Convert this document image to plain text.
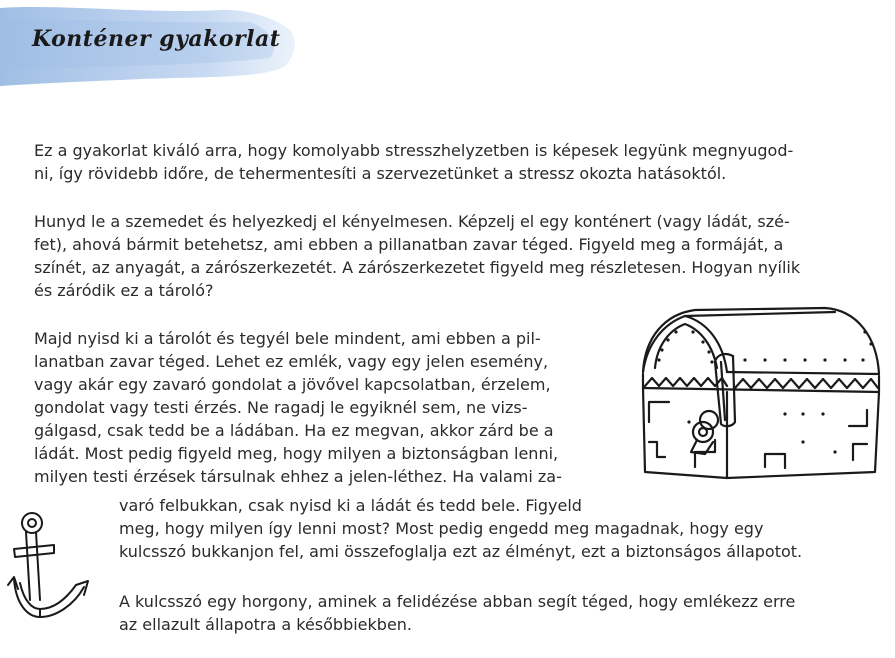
Konténer gyakorlat
Ez a gyakorlat kiváló arra, hogy komolyabb stresszhelyzetben is képesek legyünk megnyugod-
ni, így rövidebb időre, de tehermentesíti a szervezetünket a stressz okozta hatásoktól.
Hunyd le a szemedet és helyezkedj el kényelmesen. Képzelj el egy konténert (vagy ládát, szé-
fet), ahová bármit betehetsz, ami ebben a pillanatban zavar téged. Figyeld meg a formáját, a
színét, az anyagát, a zárószerkezetét. A zárószerkezetet figyeld meg részletesen. Hogyan nyílik
és záródik ez a tároló?
Majd nyisd ki a tárolót és tegyél bele mindent, ami ebben a pil-
lanatban zavar téged. Lehet ez emlék, vagy egy jelen esemény,
vagy akár egy zavaró gondolat a jövővel kapcsolatban, érzelem,
gondolat vagy testi érzés. Ne ragadj le egyiknél sem, ne vizs-
gálgasd, csak tedd be a ládában. Ha ez megvan, akkor zárd be a
ládát. Most pedig figyeld meg, hogy milyen a biztonságban lenni,
milyen testi érzések társulnak ehhez a jelen-léthez. Ha valami za-
varó felbukkan, csak nyisd ki a ládát és tedd bele. Figyeld
meg, hogy milyen így lenni most? Most pedig engedd meg magadnak, hogy egy
kulcsszó bukkanjon fel, ami összefoglalja ezt az élményt, ezt a biztonságos állapotot.
A kulcsszó egy horgony, aminek a felidézése abban segít téged, hogy emlékezz erre
az ellazult állapotra a későbbiekben.
